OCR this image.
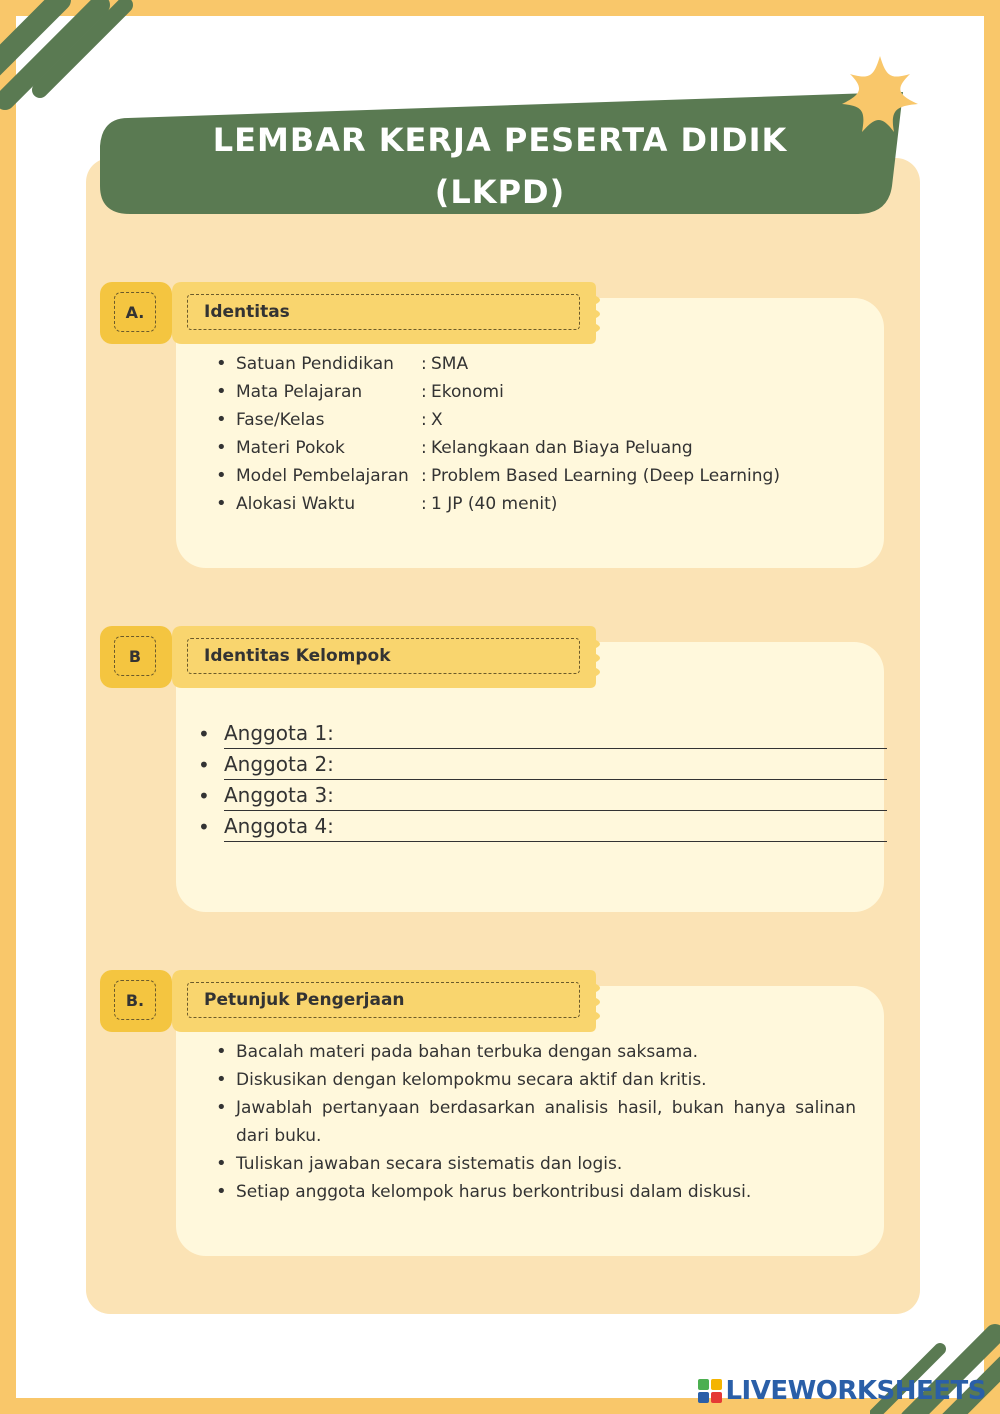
LEMBAR KERJA PESERTA DIDIK
(LKPD)
A.	Identitas
• Satuan Pendidikan	: SMA
• Mata Pelajaran	: Ekonomi
• Fase/Kelas	: X
• Materi Pokok	: Kelangkaan dan Biaya Peluang
• Model Pembelajaran : Problem Based Learning (Deep Learning)
• Alokasi Waktu	: 1 JP (40 menit)
B	Identitas Kelompok
• Anggota 1:
• Anggota 2:
• Anggota 3:
• Anggota 4:
B.	Petunjuk Pengerjaan
• Bacalah materi pada bahan terbuka dengan saksama.
• Diskusikan dengan kelompokmu secara aktif dan kritis.
• Jawablah pertanyaan berdasarkan analisis hasil, bukan hanya salinan dari buku.
• Tuliskan jawaban secara sistematis dan logis.
• Setiap anggota kelompok harus berkontribusi dalam diskusi.
LIVEWORKSHEETS
